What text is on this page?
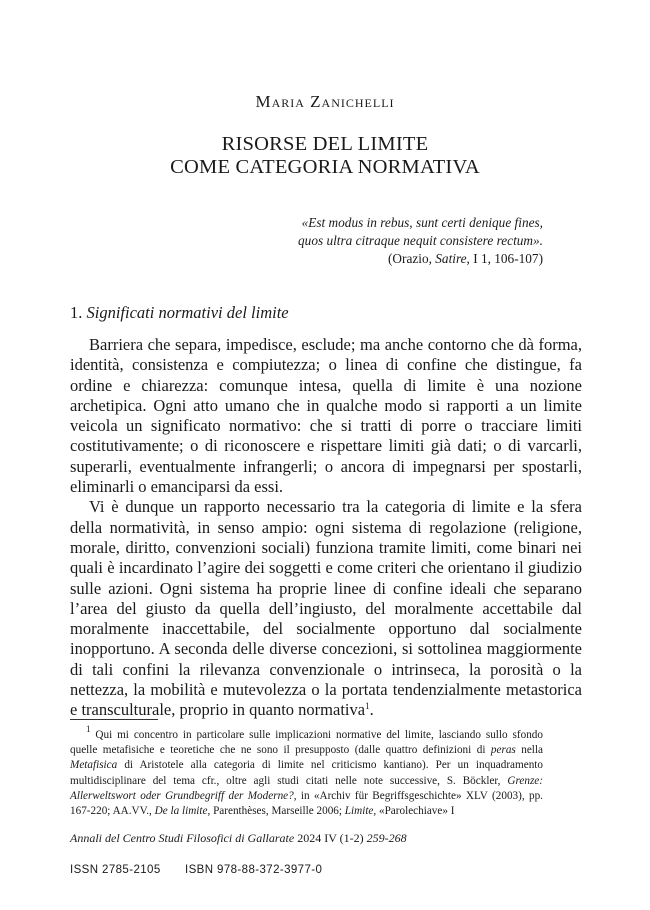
Maria Zanichelli
RISORSE DEL LIMITE
COME CATEGORIA NORMATIVA
«Est modus in rebus, sunt certi denique fines,
quos ultra citraque nequit consistere rectum».
(Orazio, Satire, I 1, 106-107)
1. Significati normativi del limite

Barriera che separa, impedisce, esclude; ma anche contorno che dà forma, identità, consistenza e compiutezza; o linea di confine che distingue, fa ordine e chiarezza: comunque intesa, quella di limite è una nozione archetipica. Ogni atto umano che in qualche modo si rapporti a un limite veicola un significato normativo: che si tratti di porre o tracciare limiti costitutivamente; o di riconoscere e rispettare limiti già dati; o di varcarli, superarli, eventualmente infrangerli; o ancora di impegnarsi per spostarli, eliminarli o emanciparsi da essi.

Vi è dunque un rapporto necessario tra la categoria di limite e la sfera della normatività, in senso ampio: ogni sistema di regolazione (religione, morale, diritto, convenzioni sociali) funziona tramite limiti, come binari nei quali è incardinato l’agire dei soggetti e come criteri che orientano il giudizio sulle azioni. Ogni sistema ha proprie linee di confine ideali che separano l’area del giusto da quella dell’ingiusto, del moralmente accettabile dal moralmente inaccettabile, del socialmente opportuno dal socialmente inopportuno. A seconda delle diverse concezioni, si sottolinea maggiormente di tali confini la rilevanza convenzionale o intrinseca, la porosità o la nettezza, la mobilità e mutevolezza o la portata tendenzialmente metastorica e transculturale, proprio in quanto normativa$^1$.

$^1$ Qui mi concentro in particolare sulle implicazioni normative del limite, lasciando sullo sfondo quelle metafisiche e teoretiche che ne sono il presupposto (dalle quattro definizioni di peras nella Metafisica di Aristotele alla categoria di limite nel criticismo kantiano). Per un inquadramento multidisciplinare del tema cfr., oltre agli studi citati nelle note successive, S. Böckler, Grenze: Allerweltswort oder Grundbegriff der Moderne?, in «Archiv für Begriffsgeschichte» XLV (2003), pp. 167-220; AA.VV., De la limite, Parenthèses, Marseille 2006; Limite, «Parolechiave» I

Annali del Centro Studi Filosofici di Gallarate 2024 IV (1-2) 259-268
ISSN 2785-2105 ISBN 978-88-372-3977-0
